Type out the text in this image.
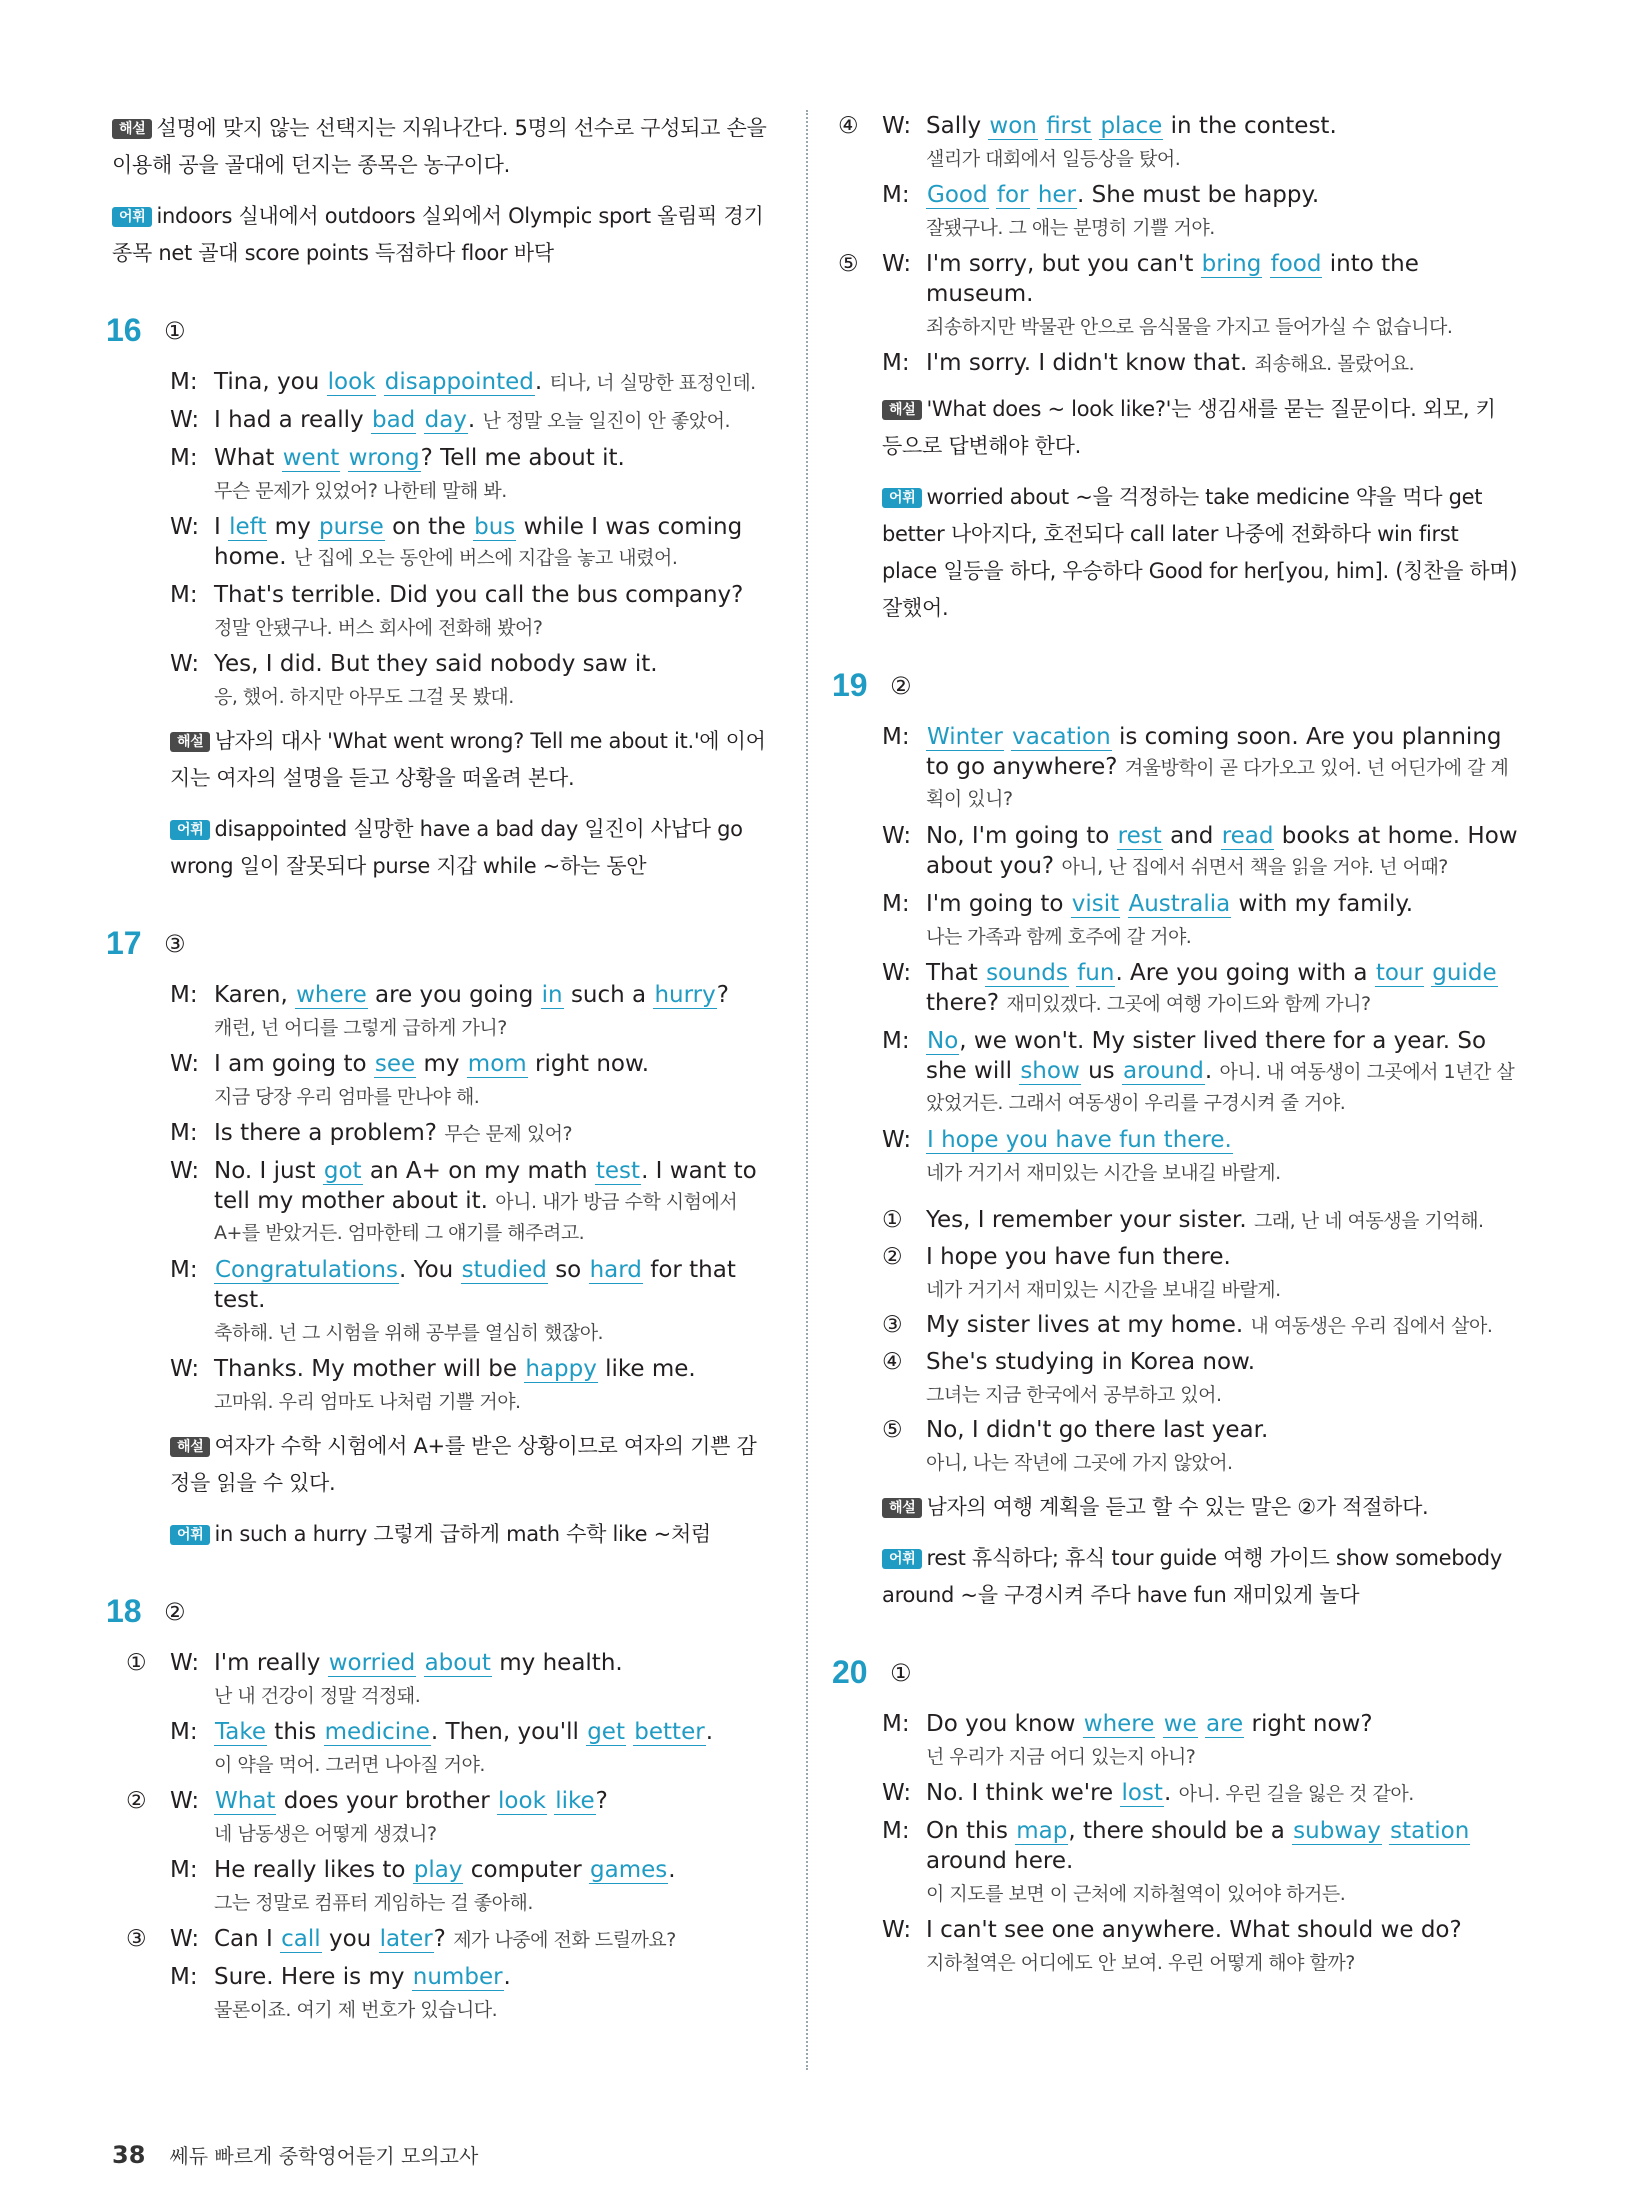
해설 설명에 맞지 않는 선택지는 지워나간다. 5명의 선수로 구성되고 손을 이용해 공을 골대에 던지는 종목은 농구이다.
어휘 indoors 실내에서 outdoors 실외에서 Olympic sport 올림픽 경기 종목 net 골대 score points 득점하다 floor 바닥
16 ①
M: Tina, you look disappointed. 티나, 너 실망한 표정인데.
W: I had a really bad day. 난 정말 오늘 일진이 안 좋았어.
M: What went wrong? Tell me about it.
무슨 문제가 있었어? 나한테 말해 봐.
W: I left my purse on the bus while I was coming home. 난 집에 오는 동안에 버스에 지갑을 놓고 내렸어.
M: That's terrible. Did you call the bus company?
정말 안됐구나. 버스 회사에 전화해 봤어?
W: Yes, I did. But they said nobody saw it.
응, 했어. 하지만 아무도 그걸 못 봤대.
해설 남자의 대사 'What went wrong? Tell me about it.'에 이어지는 여자의 설명을 듣고 상황을 떠올려 본다.
어휘 disappointed 실망한 have a bad day 일진이 사납다 go wrong 일이 잘못되다 purse 지갑 while ~하는 동안
17 ③
M: Karen, where are you going in such a hurry?
캐런, 넌 어디를 그렇게 급하게 가니?
W: I am going to see my mom right now.
지금 당장 우리 엄마를 만나야 해.
M: Is there a problem? 무슨 문제 있어?
W: No. I just got an A+ on my math test. I want to tell my mother about it. 아니. 내가 방금 수학 시험에서 A+를 받았거든. 엄마한테 그 얘기를 해주려고.
M: Congratulations. You studied so hard for that test.
축하해. 넌 그 시험을 위해 공부를 열심히 했잖아.
W: Thanks. My mother will be happy like me.
고마워. 우리 엄마도 나처럼 기쁠 거야.
해설 여자가 수학 시험에서 A+를 받은 상황이므로 여자의 기쁜 감정을 읽을 수 있다.
어휘 in such a hurry 그렇게 급하게 math 수학 like ~처럼
18 ②
①	W: I'm really worried about my health.
난 내 건강이 정말 걱정돼.
M: Take this medicine. Then, you'll get better.
이 약을 먹어. 그러면 나아질 거야.
②	W: What does your brother look like?
네 남동생은 어떻게 생겼니?
M: He really likes to play computer games.
그는 정말로 컴퓨터 게임하는 걸 좋아해.
③	W: Can I call you later? 제가 나중에 전화 드릴까요?
M: Sure. Here is my number.
물론이죠. 여기 제 번호가 있습니다.
④	W: Sally won first place in the contest.
샐리가 대회에서 일등상을 탔어.
M: Good for her. She must be happy.
잘됐구나. 그 애는 분명히 기쁠 거야.
⑤	W: I'm sorry, but you can't bring food into the museum.
죄송하지만 박물관 안으로 음식물을 가지고 들어가실 수 없습니다.
M: I'm sorry. I didn't know that. 죄송해요. 몰랐어요.
해설 'What does ~ look like?'는 생김새를 묻는 질문이다. 외모, 키 등으로 답변해야 한다.
어휘 worried about ~을 걱정하는 take medicine 약을 먹다 get better 나아지다, 호전되다 call later 나중에 전화하다 win first place 일등을 하다, 우승하다 Good for her[you, him]. (칭찬을 하며) 잘했어.
19 ②
M: Winter vacation is coming soon. Are you planning to go anywhere? 겨울방학이 곧 다가오고 있어. 넌 어딘가에 갈 계획이 있니?
W: No, I'm going to rest and read books at home. How about you? 아니, 난 집에서 쉬면서 책을 읽을 거야. 넌 어때?
M: I'm going to visit Australia with my family.
나는 가족과 함께 호주에 갈 거야.
W: That sounds fun. Are you going with a tour guide there? 재미있겠다. 그곳에 여행 가이드와 함께 가니?
M: No, we won't. My sister lived there for a year. So she will show us around. 아니. 내 여동생이 그곳에서 1년간 살았었거든. 그래서 여동생이 우리를 구경시켜 줄 거야.
W: I hope you have fun there.
네가 거기서 재미있는 시간을 보내길 바랄게.
①	Yes, I remember your sister. 그래, 난 네 여동생을 기억해.
②	I hope you have fun there.
네가 거기서 재미있는 시간을 보내길 바랄게.
③	My sister lives at my home. 내 여동생은 우리 집에서 살아.
④	She's studying in Korea now.
그녀는 지금 한국에서 공부하고 있어.
⑤	No, I didn't go there last year.
아니, 나는 작년에 그곳에 가지 않았어.
해설 남자의 여행 계획을 듣고 할 수 있는 말은 ②가 적절하다.
어휘 rest 휴식하다; 휴식 tour guide 여행 가이드 show somebody around ~을 구경시켜 주다 have fun 재미있게 놀다
20 ①
M: Do you know where we are right now?
넌 우리가 지금 어디 있는지 아니?
W: No. I think we're lost. 아니. 우린 길을 잃은 것 같아.
M: On this map, there should be a subway station around here.
이 지도를 보면 이 근처에 지하철역이 있어야 하거든.
W: I can't see one anywhere. What should we do?
지하철역은 어디에도 안 보여. 우린 어떻게 해야 할까?
38 쎄듀 빠르게 중학영어듣기 모의고사
